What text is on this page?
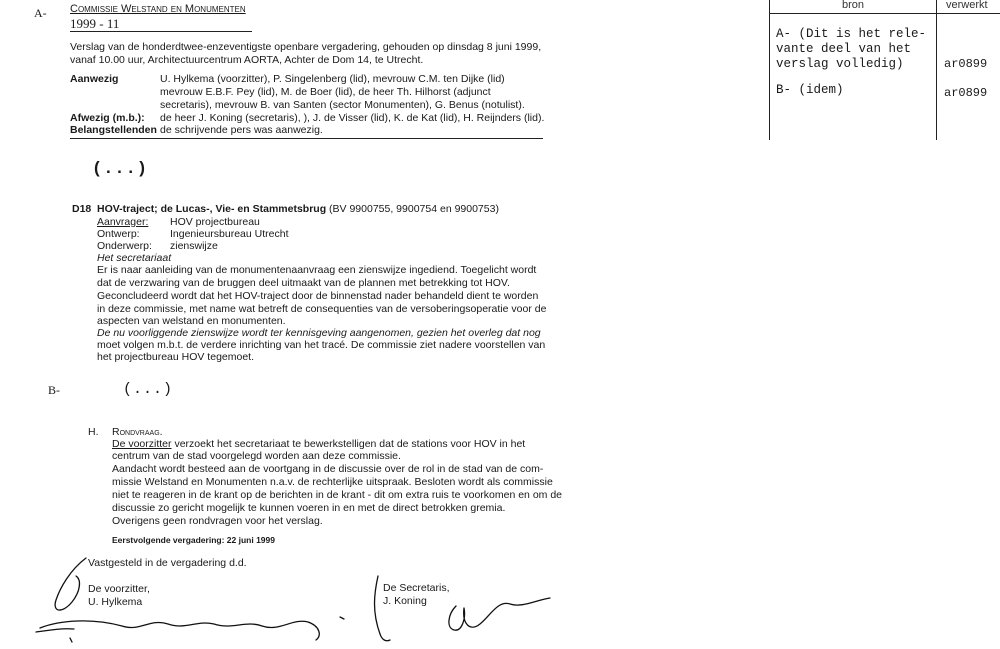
A-
B-
Commissie Welstand en Monumenten
1999 - 11
Verslag van de honderdtwee-enzeventigste openbare vergadering, gehouden op dinsdag 8 juni 1999,
vanaf 10.00 uur, Architectuurcentrum AORTA, Achter de Dom 14, te Utrecht.
Aanwezig	U. Hylkema (voorzitter), P. Singelenberg (lid), mevrouw C.M. ten Dijke (lid)
mevrouw E.B.F. Pey (lid), M. de Boer (lid), de heer Th. Hilhorst (adjunct
secretaris), mevrouw B. van Santen (sector Monumenten), G. Benus (notulist).
Afwezig (m.b.): de heer J. Koning (secretaris), ), J. de Visser (lid), K. de Kat (lid), H. Reijnders (lid).
Belangstellenden de schrijvende pers was aanwezig.
(...)
D18 HOV-traject; de Lucas-, Vie- en Stammetsbrug (BV 9900755, 9900754 en 9900753)
Aanvrager: HOV projectbureau
Ontwerp:	Ingenieursbureau Utrecht
Onderwerp: zienswijze
Het secretariaat
Er is naar aanleiding van de monumentenaanvraag een zienswijze ingediend. Toegelicht wordt
dat de verzwaring van de bruggen deel uitmaakt van de plannen met betrekking tot HOV.
Geconcludeerd wordt dat het HOV-traject door de binnenstad nader behandeld dient te worden
in deze commissie, met name wat betreft de consequenties van de versoberingsoperatie voor de
aspecten van welstand en monumenten.
De nu voorliggende zienswijze wordt ter kennisgeving aangenomen, gezien het overleg dat nog
moet volgen m.b.t. de verdere inrichting van het tracé. De commissie ziet nadere voorstellen van
het projectbureau HOV tegemoet.
(...)
H. Rondvraag.
De voorzitter verzoekt het secretariaat te bewerkstelligen dat de stations voor HOV in het
centrum van de stad voorgelegd worden aan deze commissie.
Aandacht wordt besteed aan de voortgang in de discussie over de rol in de stad van de com-
missie Welstand en Monumenten n.a.v. de rechterlijke uitspraak. Besloten wordt als commissie
niet te reageren in de krant op de berichten in de krant - dit om extra ruis te voorkomen en om de
discussie zo gericht mogelijk te kunnen voeren in en met de direct betrokken gremia.
Overigens geen rondvragen voor het verslag.
Eerstvolgende vergadering: 22 juni 1999
Vastgesteld in de vergadering d.d.
De voorzitter,
U. Hylkema
De Secretaris,
J. Koning
bron	verwerkt
A- (Dit is het rele-
vante deel van het
verslag volledig)	ar0899
B- (idem)	ar0899
